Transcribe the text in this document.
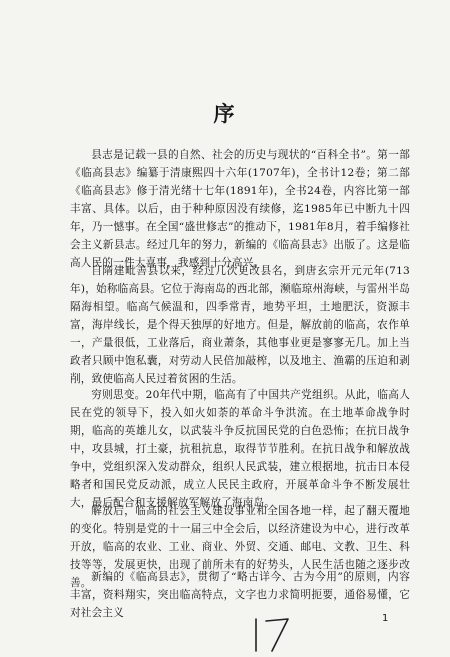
序

县志是记载一县的自然、社会的历史与现状的“百科全书”。第一部《临高县志》编纂于清康熙四十六年(1707年)，全书计12卷；第二部《临高县志》修于清光绪十七年(1891年)，全书24卷，内容比第一部丰富、具体。以后，由于种种原因没有续修，迄1985年已中断九十四年，乃一憾事。在全国“盛世修志”的推动下，1981年8月，着手编修社会主义新县志。经过几年的努力，新编的《临高县志》出版了。这是临高人民的一件大喜事，我感到十分高兴。

自隋建毗善县以来，经过几次更改县名，到唐玄宗开元元年(713年)，始称临高县。它位于海南岛的西北部，濒临琼州海峡，与雷州半岛隔海相望。临高气候温和，四季常青，地势平坦，土地肥沃，资源丰富，海岸线长，是个得天独厚的好地方。但是，解放前的临高，农作单一，产量很低，工业落后，商业萧条，其他事业更是寥寥无几。加上当政者只顾中饱私囊，对劳动人民倍加敲榨，以及地主、渔霸的压迫和剥削，致使临高人民过着贫困的生活。

穷则思变。20年代中期，临高有了中国共产党组织。从此，临高人民在党的领导下，投入如火如荼的革命斗争洪流。在土地革命战争时期，临高的英雄儿女，以武装斗争反抗国民党的白色恐怖；在抗日战争中，攻县城，打土豪，抗租抗息，取得节节胜利。在抗日战争和解放战争中，党组织深入发动群众，组织人民武装，建立根据地，抗击日本侵略者和国民党反动派，成立人民民主政府，开展革命斗争不断发展壮大，最后配合和支援解放军解放了海南岛。

解放后，临高的社会主义建设事业和全国各地一样，起了翻天覆地的变化。特别是党的十一届三中全会后，以经济建设为中心，进行改革开放，临高的农业、工业、商业、外贸、交通、邮电、文教、卫生、科技等等，发展更快，出现了前所未有的好势头，人民生活也随之逐步改善。 新编的《临高县志》，贯彻了“略古详今、古为今用”的原则，内容丰富，资料翔实，突出临高特点，文字也力求简明扼要，通俗易懂，它对社会主义	1
